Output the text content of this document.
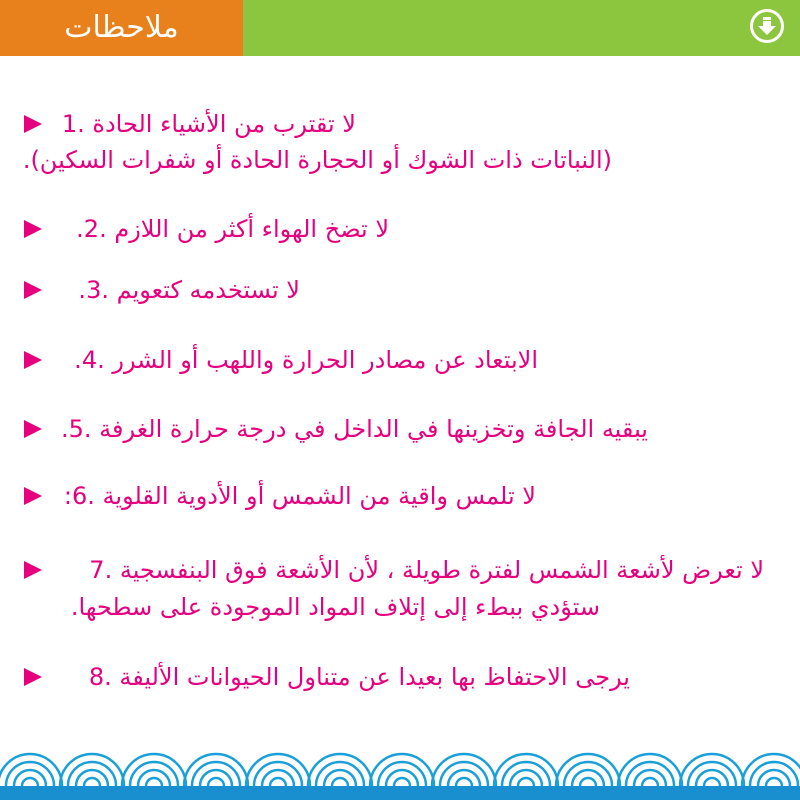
ملاحظات
لا تقترب من الأشياء الحادة .1
(النباتات ذات الشوك أو الحجارة الحادة أو شفرات السكين).
لا تضخ الهواء أكثر من اللازم .2.
لا تستخدمه كتعويم .3.
الابتعاد عن مصادر الحرارة واللهب أو الشرر .4.
يبقيه الجافة وتخزينها في الداخل في درجة حرارة الغرفة .5.
لا تلمس واقية من الشمس أو الأدوية القلوية .6:
لا تعرض لأشعة الشمس لفترة طويلة ، لأن الأشعة فوق البنفسجية .7
ستؤدي ببطء إلى إتلاف المواد الموجودة على سطحها.
يرجى الاحتفاظ بها بعيدا عن متناول الحيوانات الأليفة .8
